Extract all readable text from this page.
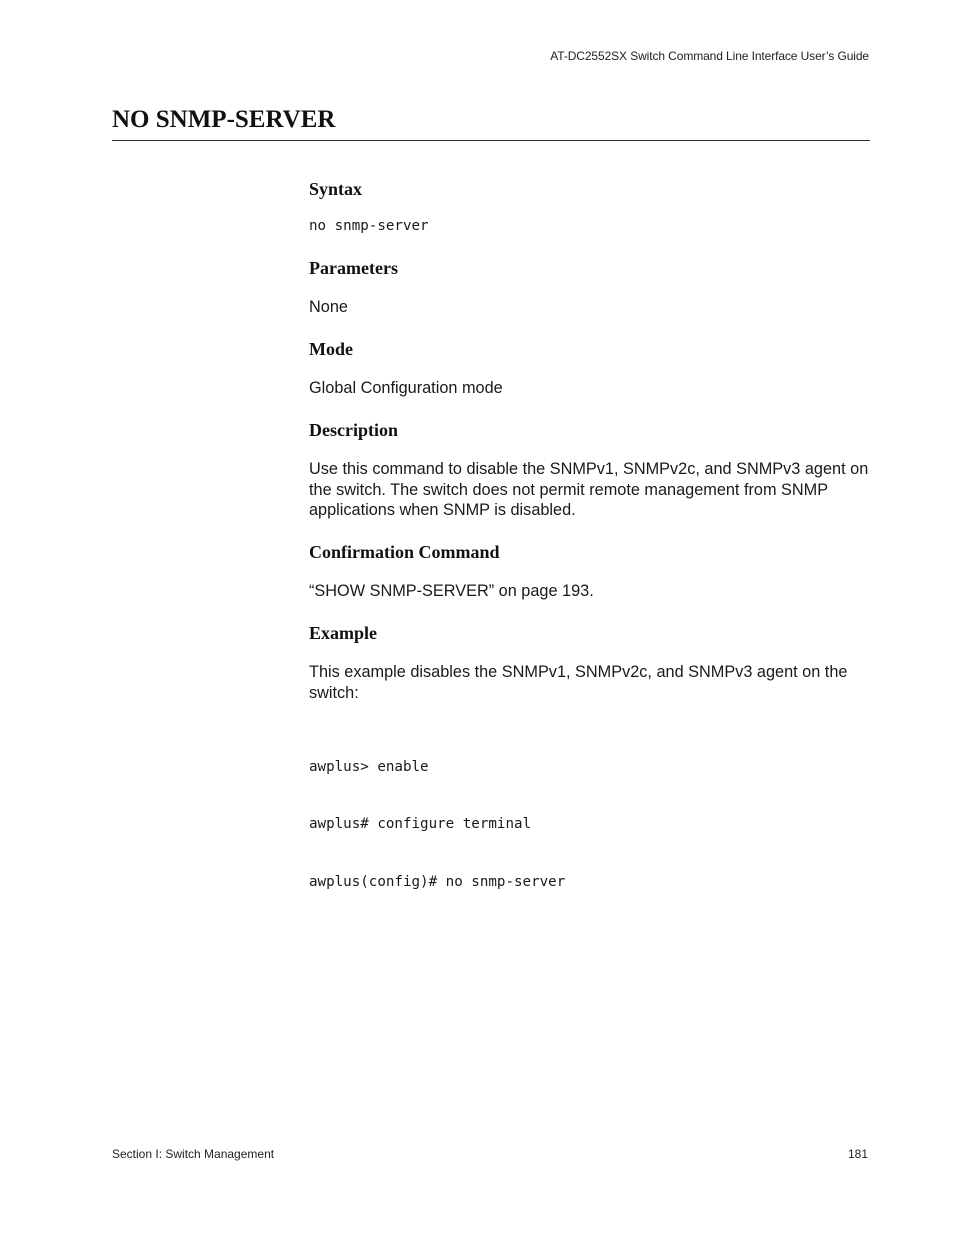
AT-DC2552SX Switch Command Line Interface User’s Guide
NO SNMP-SERVER
Syntax
no snmp-server
Parameters

None

Mode

Global Configuration mode

Description

Use this command to disable the SNMPv1, SNMPv2c, and SNMPv3 agent on the switch. The switch does not permit remote management from SNMP applications when SNMP is disabled.

Confirmation Command

“SHOW SNMP-SERVER” on page 193.

Example

This example disables the SNMPv1, SNMPv2c, and SNMPv3 agent on the switch:

awplus> enable

awplus# configure terminal

awplus(config)# no snmp-server

Section I: Switch Management	181
